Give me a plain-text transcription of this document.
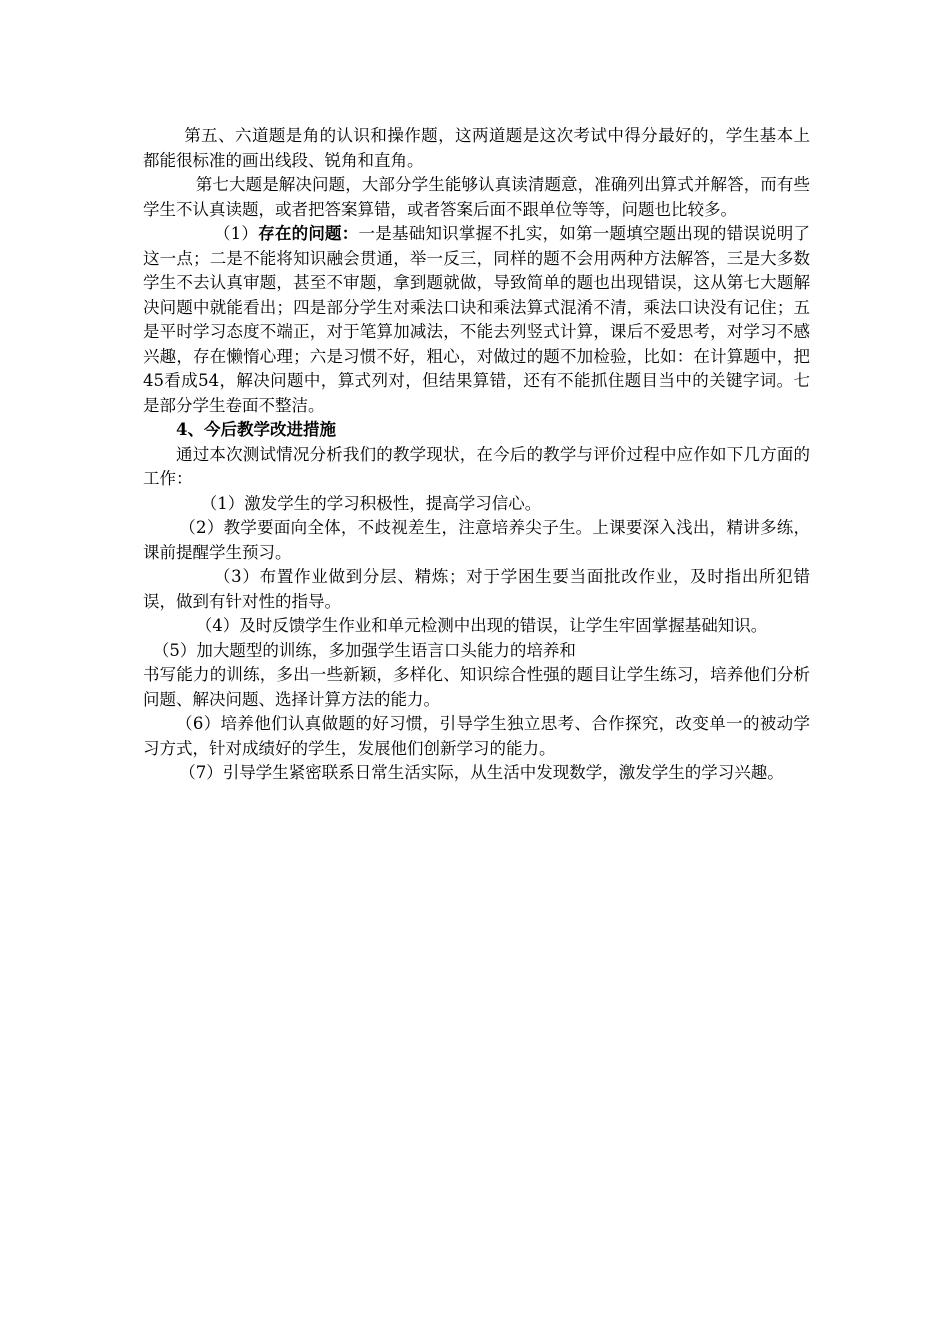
第五、六道题是角的认识和操作题，这两道题是这次考试中得分最好的，学生基本上都能很标准的画出线段、锐角和直角。

第七大题是解决问题，大部分学生能够认真读清题意，准确列出算式并解答，而有些学生不认真读题，或者把答案算错，或者答案后面不跟单位等等，问题也比较多。

（1）存在的问题：一是基础知识掌握不扎实，如第一题填空题出现的错误说明了这一点；二是不能将知识融会贯通，举一反三，同样的题不会用两种方法解答，三是大多数学生不去认真审题，甚至不审题，拿到题就做，导致简单的题也出现错误，这从第七大题解决问题中就能看出；四是部分学生对乘法口诀和乘法算式混淆不清，乘法口诀没有记住；五是平时学习态度不端正，对于笔算加减法，不能去列竖式计算，课后不爱思考，对学习不感兴趣，存在懒惰心理；六是习惯不好，粗心，对做过的题不加检验，比如：在计算题中，把45看成54，解决问题中，算式列对，但结果算错，还有不能抓住题目当中的关键字词。七是部分学生卷面不整洁。

4、今后教学改进措施

通过本次测试情况分析我们的教学现状，在今后的教学与评价过程中应作如下几方面的工作：

（1）激发学生的学习积极性，提高学习信心。

（2）教学要面向全体，不歧视差生，注意培养尖子生。上课要深入浅出，精讲多练，课前提醒学生预习。

（3）布置作业做到分层、精炼；对于学困生要当面批改作业，及时指出所犯错误，做到有针对性的指导。

（4）及时反馈学生作业和单元检测中出现的错误，让学生牢固掌握基础知识。

（5）加大题型的训练，多加强学生语言口头能力的培养和

书写能力的训练，多出一些新颖，多样化、知识综合性强的题目让学生练习，培养他们分析问题、解决问题、选择计算方法的能力。

（6）培养他们认真做题的好习惯，引导学生独立思考、合作探究，改变单一的被动学习方式，针对成绩好的学生，发展他们创新学习的能力。

（7）引导学生紧密联系日常生活实际，从生活中发现数学，激发学生的学习兴趣。
